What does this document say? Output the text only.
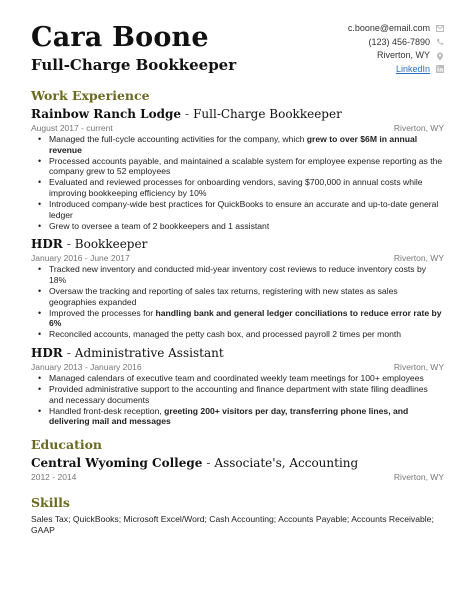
Cara Boone
Full-Charge Bookkeeper
c.boone@email.com
(123) 456-7890
Riverton, WY
LinkedIn
Work Experience
Rainbow Ranch Lodge - Full-Charge Bookkeeper
August 2017 - current	Riverton, WY
• Managed the full-cycle accounting activities for the company, which grew to over $6M in annual revenue
• Processed accounts payable, and maintained a scalable system for employee expense reporting as the company grew to 52 employees
• Evaluated and reviewed processes for onboarding vendors, saving $700,000 in annual costs while improving bookkeeping efficiency by 10%
• Introduced company-wide best practices for QuickBooks to ensure an accurate and up-to-date general ledger
• Grew to oversee a team of 2 bookkeepers and 1 assistant
HDR - Bookkeeper
January 2016 - June 2017	Riverton, WY
• Tracked new inventory and conducted mid-year inventory cost reviews to reduce inventory costs by 18%
• Oversaw the tracking and reporting of sales tax returns, registering with new states as sales geographies expanded
• Improved the processes for handling bank and general ledger conciliations to reduce error rate by 6%
• Reconciled accounts, managed the petty cash box, and processed payroll 2 times per month
HDR - Administrative Assistant
January 2013 - January 2016	Riverton, WY
• Managed calendars of executive team and coordinated weekly team meetings for 100+ employees
• Provided administrative support to the accounting and finance department with state filing deadlines and necessary documents
• Handled front-desk reception, greeting 200+ visitors per day, transferring phone lines, and delivering mail and messages
Education
Central Wyoming College - Associate's, Accounting
2012 - 2014	Riverton, WY
Skills
Sales Tax; QuickBooks; Microsoft Excel/Word; Cash Accounting; Accounts Payable; Accounts Receivable; GAAP
